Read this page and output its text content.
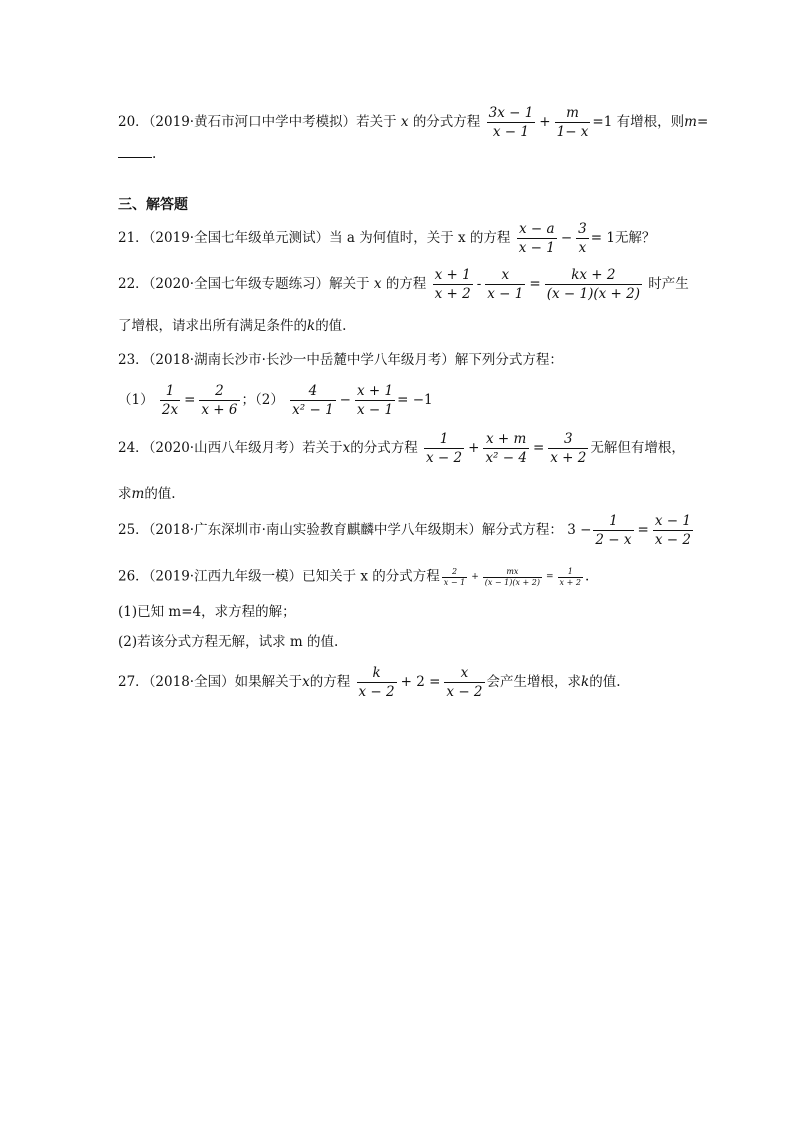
20．（2019·黄石市河口中学中考模拟）若关于 x 的分式方程 $\frac{3x - 1}{x - 1} + \frac{m}{1- x} =1$ 有增根，则m=
.
三、解答题
21．（2019·全国七年级单元测试）当 a 为何值时，关于 x 的方程 $\frac{x - a}{x - 1} - \frac{3}{x} = 1$无解？
22．（2020·全国七年级专题练习）解关于 x 的方程 $\frac{x + 1}{x + 2} - \frac{x}{x - 1} = \frac{kx + 2}{(x - 1)(x + 2)}$ 时产生
了增根，请求出所有满足条件的k的值.
23．（2018·湖南长沙市·长沙一中岳麓中学八年级月考）解下列分式方程：
$(1) \frac{1}{2x} = \frac{2}{x + 6}$ ；$(2) \frac{4}{\text{x² − 1}} - \frac{x + 1}{x - 1} = -1$
24．（2020·山西八年级月考）若关于x的分式方程 $\frac{1}{x - 2} + \frac{x + m}{\text{x² − 4}} = \frac{3}{x + 2}$ 无解但有增根，
求m的值.
25．（2018·广东深圳市·南山实验教育麒麟中学八年级期末）解分式方程： $3 - \frac{1}{2 - x} = \frac{x - 1}{x - 2}$
26．（2019·江西九年级一模）已知关于 x 的分式方程 $\frac{2}{x - 1} + \frac{mx}{(x - 1)(x + 2)} = \frac{1}{x + 2}$ .
(1)已知 m=4，求方程的解；
(2)若该分式方程无解，试求 m 的值.
27．（2018·全国）如果解关于x的方程 $\frac{k}{x - 2} + 2 = \frac{x}{x - 2}$ 会产生增根，求k的值.
